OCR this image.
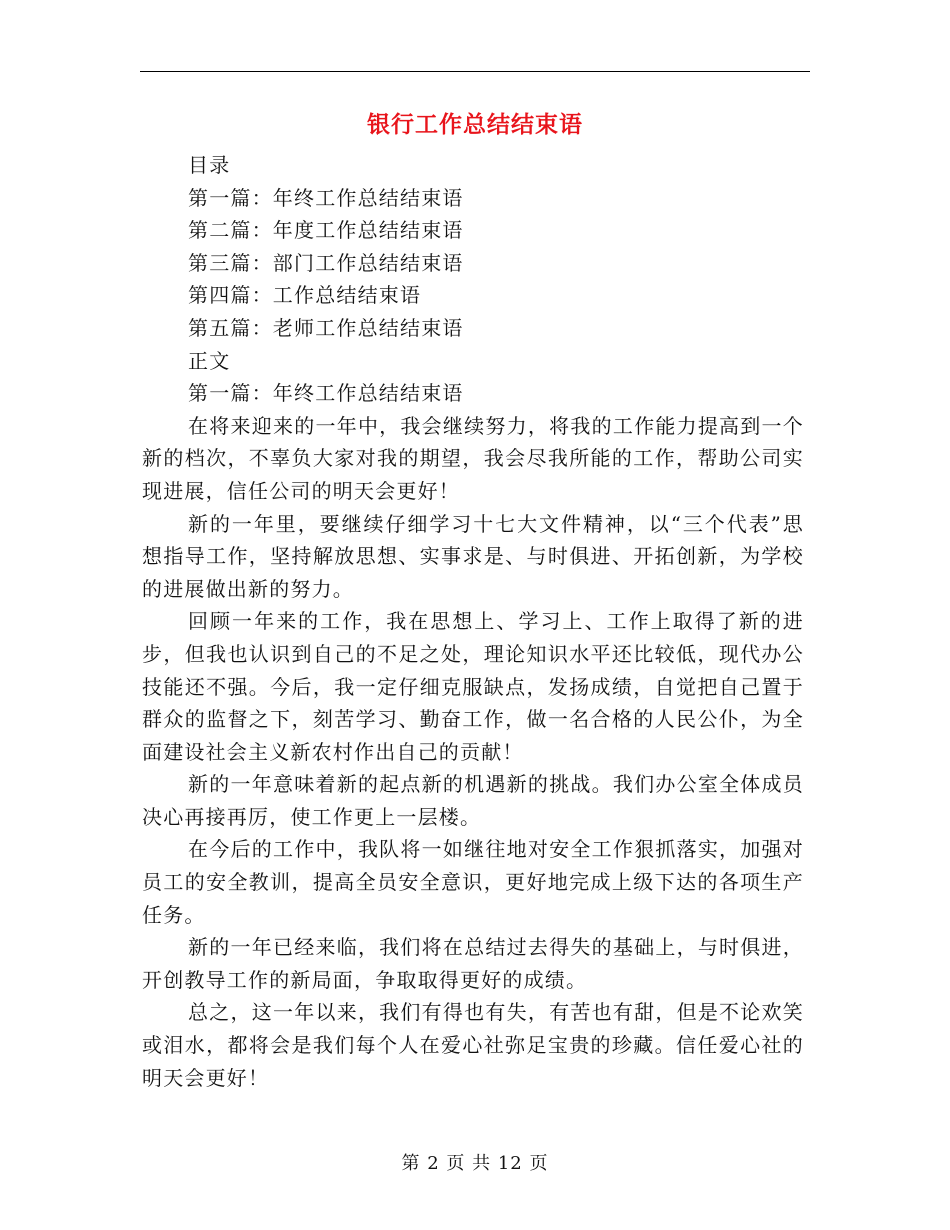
银行工作总结结束语
目录
第一篇：年终工作总结结束语
第二篇：年度工作总结结束语
第三篇：部门工作总结结束语
第四篇：工作总结结束语
第五篇：老师工作总结结束语
正文
第一篇：年终工作总结结束语

在将来迎来的一年中，我会继续努力，将我的工作能力提高到一个新的档次，不辜负大家对我的期望，我会尽我所能的工作，帮助公司实现进展，信任公司的明天会更好！

新的一年里，要继续仔细学习十七大文件精神，以“三个代表”思想指导工作，坚持解放思想、实事求是、与时俱进、开拓创新，为学校的进展做出新的努力。

回顾一年来的工作，我在思想上、学习上、工作上取得了新的进步，但我也认识到自己的不足之处，理论知识水平还比较低，现代办公技能还不强。今后，我一定仔细克服缺点，发扬成绩，自觉把自己置于群众的监督之下，刻苦学习、勤奋工作，做一名合格的人民公仆，为全面建设社会主义新农村作出自己的贡献！

新的一年意味着新的起点新的机遇新的挑战。我们办公室全体成员决心再接再厉，使工作更上一层楼。

在今后的工作中，我队将一如继往地对安全工作狠抓落实，加强对员工的安全教训，提高全员安全意识，更好地完成上级下达的各项生产任务。

新的一年已经来临，我们将在总结过去得失的基础上，与时俱进，开创教导工作的新局面，争取取得更好的成绩。

总之，这一年以来，我们有得也有失，有苦也有甜，但是不论欢笑或泪水，都将会是我们每个人在爱心社弥足宝贵的珍藏。信任爱心社的明天会更好！

第 2 页 共 12 页
